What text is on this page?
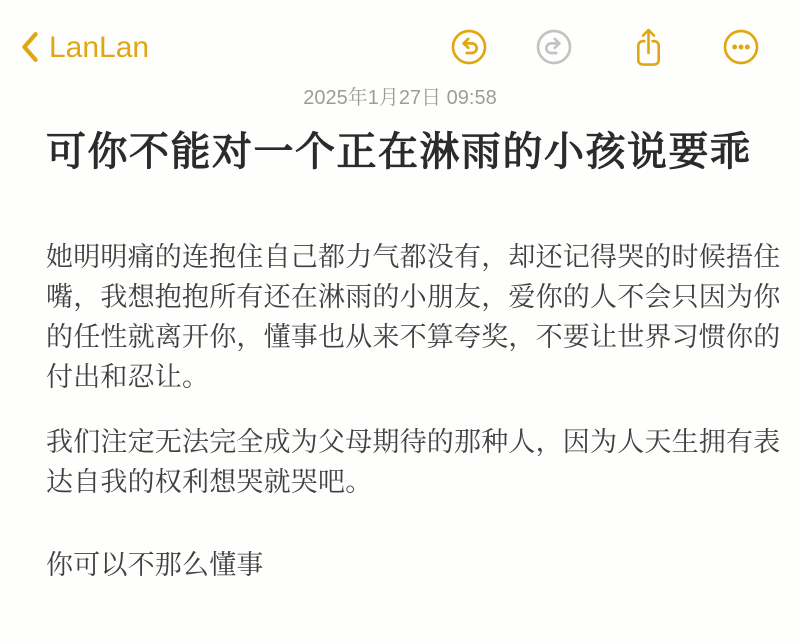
LanLan
2025年1月27日 09:58
可你不能对一个正在淋雨的小孩说要乖
她明明痛的连抱住自己都力气都没有，却还记得哭的时候捂住
嘴，我想抱抱所有还在淋雨的小朋友，爱你的人不会只因为你
的任性就离开你，懂事也从来不算夸奖，不要让世界习惯你的
付出和忍让。
我们注定无法完全成为父母期待的那种人，因为人天生拥有表
达自我的权利想哭就哭吧。
你可以不那么懂事
